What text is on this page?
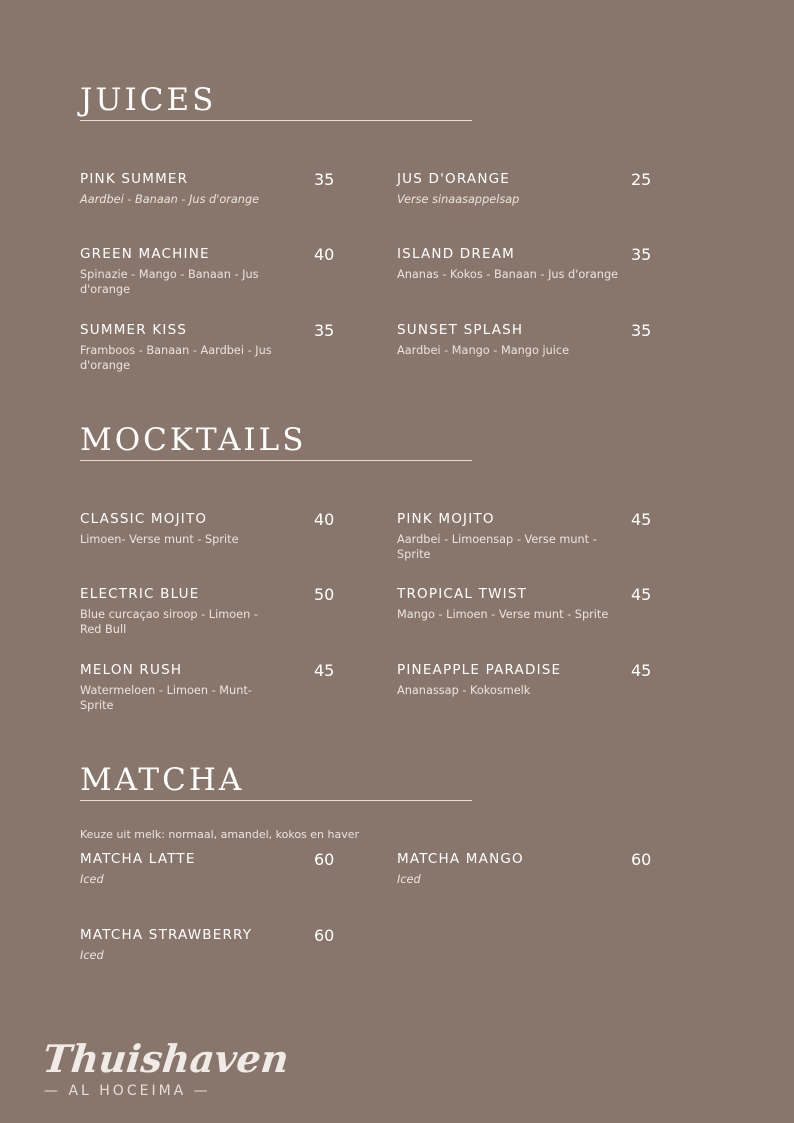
JUICES
PINK SUMMER
Aardbei - Banaan - Jus d'orange
35	JUS D'ORANGE
Verse sinaasappelsap
25
GREEN MACHINE
Spinazie - Mango - Banaan - Jus d'orange
40	ISLAND DREAM
Ananas - Kokos - Banaan - Jus d'orange
35
SUMMER KISS
Framboos - Banaan - Aardbei - Jus d'orange
35	SUNSET SPLASH
Aardbei - Mango - Mango juice
35
MOCKTAILS
CLASSIC MOJITO
Limoen- Verse munt - Sprite
40	PINK MOJITO
Aardbei - Limoensap - Verse munt - Sprite
45
ELECTRIC BLUE
Blue curcaçao siroop - Limoen - Red Bull
50	TROPICAL TWIST
Mango - Limoen - Verse munt - Sprite
45
MELON RUSH
Watermeloen - Limoen - Munt-Sprite
45	PINEAPPLE PARADISE
Ananassap - Kokosmelk
45
MATCHA
Keuze uit melk: normaal, amandel, kokos en haver
MATCHA LATTE
Iced
60	MATCHA MANGO
Iced
60
MATCHA STRAWBERRY
Iced
60
Thuishaven
— AL HOCEIMA —
